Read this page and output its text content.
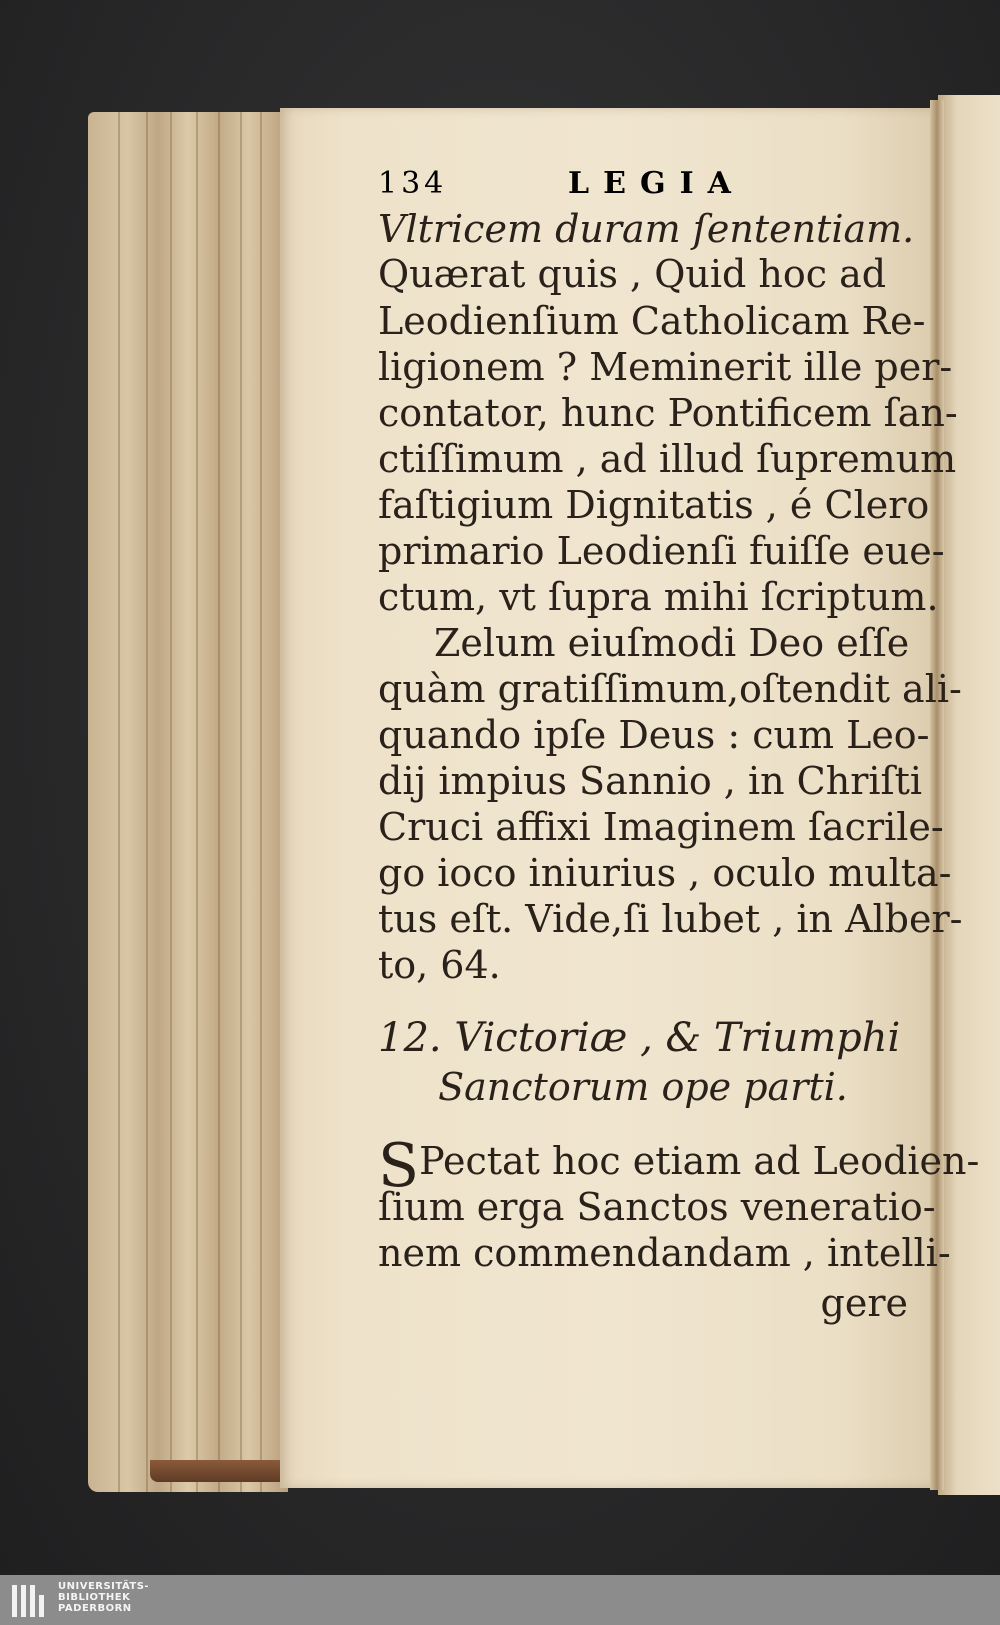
134	LEGIA
Vltricem duram ſententiam.
Quærat quis , Quid hoc ad
Leodienſium Catholicam Re-
ligionem ? Meminerit ille per-
contator, hunc Pontificem ſan-
ctiſſimum , ad illud ſupremum
faſtigium Dignitatis , é Clero
primario Leodienſi fuiſſe eue-
ctum, vt ſupra mihi ſcriptum.
Zelum eiuſmodi Deo eſſe
quàm gratiſſimum,oſtendit ali-
quando ipſe Deus : cum Leo-
dij impius Sannio , in Chriſti
Cruci affixi Imaginem ſacrile-
go ioco iniurius , oculo multa-
tus eſt. Vide,ſi lubet , in Alber-
to, 64.
12. Victoriæ , & Triumphi
Sanctorum ope parti.
SPectat hoc etiam ad Leodien-
ſium erga Sanctos veneratio-
nem commendandam , intelli-
gere
UNIVERSITÄTS-
BIBLIOTHEK
PADERBORN
